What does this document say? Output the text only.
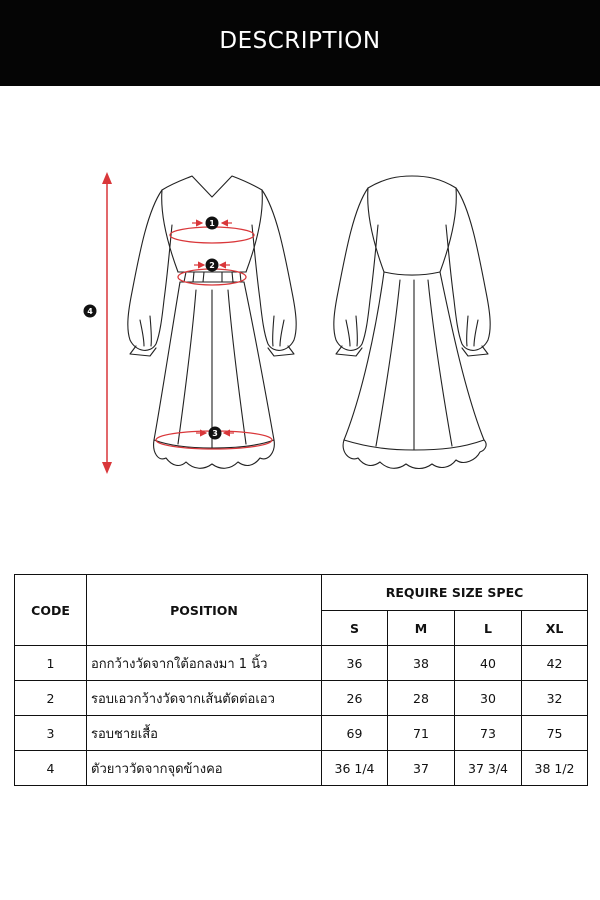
DESCRIPTION
4
1
2
3
CODE	POSITION	REQUIRE SIZE SPEC			
		S	M	L	XL
1	อกกว้างวัดจากใต้อกลงมา 1 นิ้ว	36	38	40	42
2	รอบเอวกว้างวัดจากเส้นตัดต่อเอว	26	28	30	32
3	รอบชายเสื้อ	69	71	73	75
4	ตัวยาววัดจากจุดข้างคอ	36 1/4	37	37 3/4	38 1/2
